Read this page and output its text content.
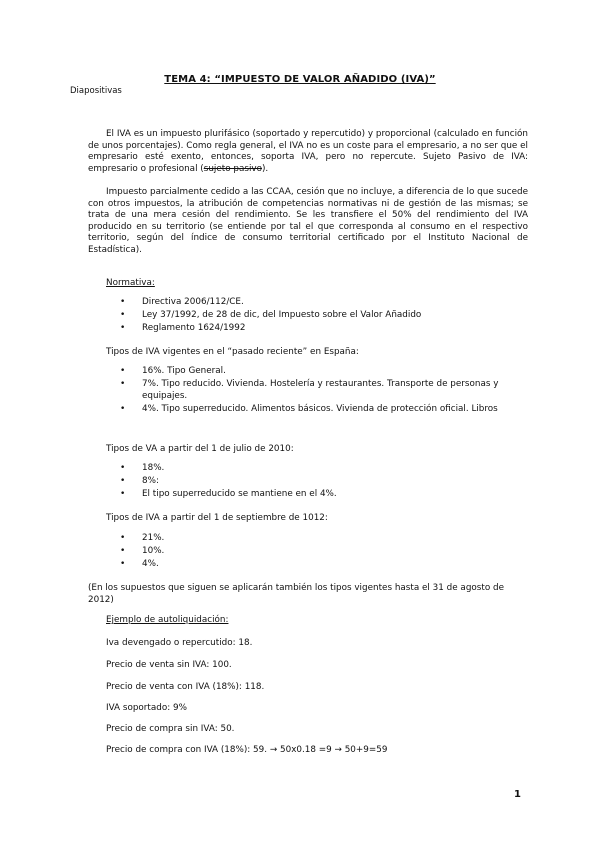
TEMA 4: “IMPUESTO DE VALOR AÑADIDO (IVA)”
Diapositivas
El IVA es un impuesto plurifásico (soportado y repercutido) y proporcional (calculado en función de unos porcentajes). Como regla general, el IVA no es un coste para el empresario, a no ser que el empresario esté exento, entonces, soporta IVA, pero no repercute. Sujeto Pasivo de IVA: empresario o profesional (sujeto pasivo).
Impuesto parcialmente cedido a las CCAA, cesión que no incluye, a diferencia de lo que sucede con otros impuestos, la atribución de competencias normativas ni de gestión de las mismas; se trata de una mera cesión del rendimiento. Se les transfiere el 50% del rendimiento del IVA producido en su territorio (se entiende por tal el que corresponda al consumo en el respectivo territorio, según del índice de consumo territorial certificado por el Instituto Nacional de Estadística).
Normativa:
• Directiva 2006/112/CE.
• Ley 37/1992, de 28 de dic, del Impuesto sobre el Valor Añadido
• Reglamento 1624/1992
Tipos de IVA vigentes en el “pasado reciente” en España:
• 16%. Tipo General.
• 7%. Tipo reducido. Vivienda. Hostelería y restaurantes. Transporte de personas y equipajes.
• 4%. Tipo superreducido. Alimentos básicos. Vivienda de protección oficial. Libros
Tipos de VA a partir del 1 de julio de 2010:
• 18%.
• 8%:
• El tipo superreducido se mantiene en el 4%.
Tipos de IVA a partir del 1 de septiembre de 1012:
• 21%.
• 10%.
• 4%.
(En los supuestos que siguen se aplicarán también los tipos vigentes hasta el 31 de agosto de 2012)
Ejemplo de autoliquidación:
Iva devengado o repercutido: 18.
Precio de venta sin IVA: 100.
Precio de venta con IVA (18%): 118.
IVA soportado: 9%
Precio de compra sin IVA: 50.
Precio de compra con IVA (18%): 59. → 50x0.18 =9 → 50+9=59
1
